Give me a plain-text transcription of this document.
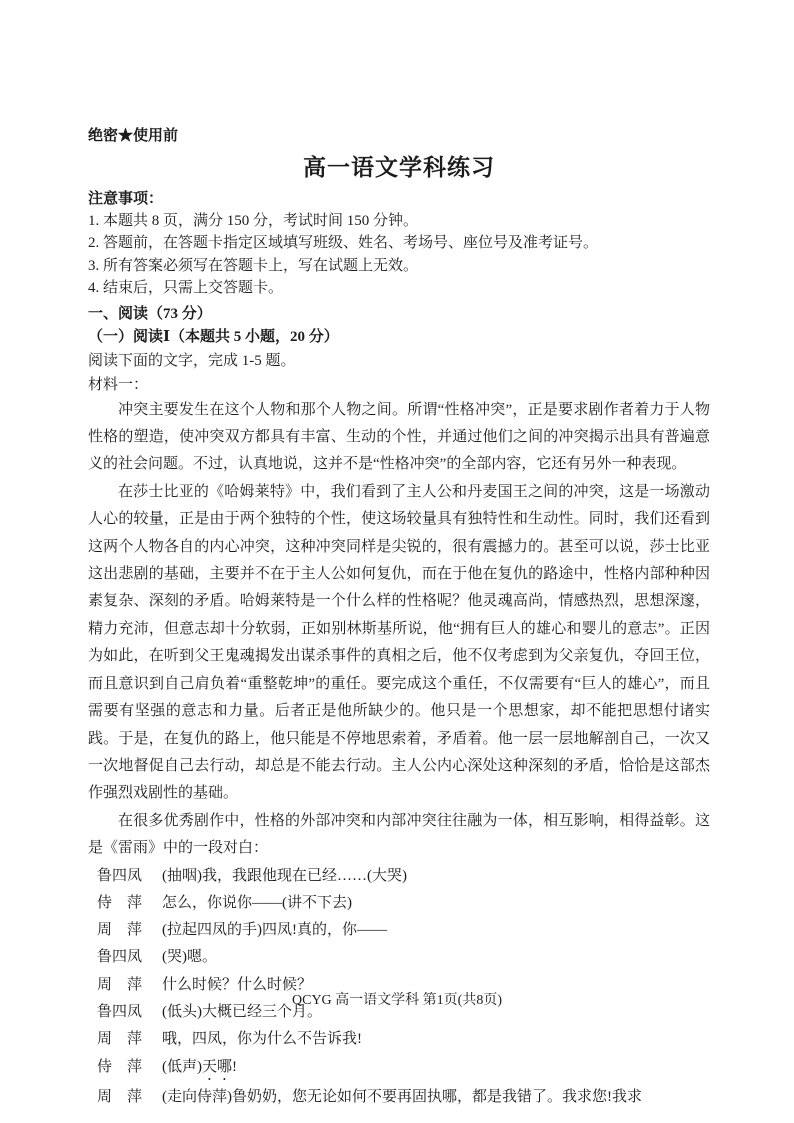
绝密★使用前
高一语文学科练习
注意事项：
1. 本题共 8 页，满分 150 分，考试时间 150 分钟。
2. 答题前，在答题卡指定区域填写班级、姓名、考场号、座位号及准考证号。
3. 所有答案必须写在答题卡上，写在试题上无效。
4. 结束后，只需上交答题卡。
一、阅读（73 分）
（一）阅读Ⅰ（本题共 5 小题，20 分）
阅读下面的文字，完成 1-5 题。
材料一：

冲突主要发生在这个人物和那个人物之间。所谓“性格冲突”，正是要求剧作者着力于人物性格的塑造，使冲突双方都具有丰富、生动的个性，并通过他们之间的冲突揭示出具有普遍意义的社会问题。不过，认真地说，这并不是“性格冲突”的全部内容，它还有另外一种表现。

在莎士比亚的《哈姆莱特》中，我们看到了主人公和丹麦国王之间的冲突，这是一场激动人心的较量，正是由于两个独特的个性，使这场较量具有独特性和生动性。同时，我们还看到这两个人物各自的内心冲突，这种冲突同样是尖锐的，很有震撼力的。甚至可以说，莎士比亚这出悲剧的基础，主要并不在于主人公如何复仇，而在于他在复仇的路途中，性格内部种种因素复杂、深刻的矛盾。哈姆莱特是一个什么样的性格呢？他灵魂高尚，情感热烈，思想深邃，精力充沛，但意志却十分软弱，正如别林斯基所说，他“拥有巨人的雄心和婴儿的意志”。正因为如此，在听到父王鬼魂揭发出谋杀事件的真相之后，他不仅考虑到为父亲复仇，夺回王位，而且意识到自己肩负着“重整乾坤”的重任。要完成这个重任，不仅需要有“巨人的雄心”，而且需要有坚强的意志和力量。后者正是他所缺少的。他只是一个思想家，却不能把思想付诸实践。于是，在复仇的路上，他只能是不停地思索着，矛盾着。他一层一层地解剖自己，一次又一次地督促自己去行动，却总是不能去行动。主人公内心深处这种深刻的矛盾，恰恰是这部杰作强烈戏剧性的基础。

在很多优秀剧作中，性格的外部冲突和内部冲突往往融为一体，相互影响，相得益彰。这是《雷雨》中的一段对白：

鲁四凤 (抽咽)我，我跟他现在已经……(大哭)
侍　萍 怎么，你说你——(讲不下去)
周　萍 (拉起四凤的手)四凤!真的，你——
鲁四凤 (哭)嗯。
周　萍 什么时候？什么时候？
鲁四凤 (低头)大概已经三个月。
周　萍 哦，四凤，你为什么不告诉我!
侍　萍 (低声)天哪!
周　萍 (走向侍萍)鲁奶奶，您无论如何不要再固执哪，都是我错了。我求您!我求
QCYG 高一语文学科 第1页(共8页)
